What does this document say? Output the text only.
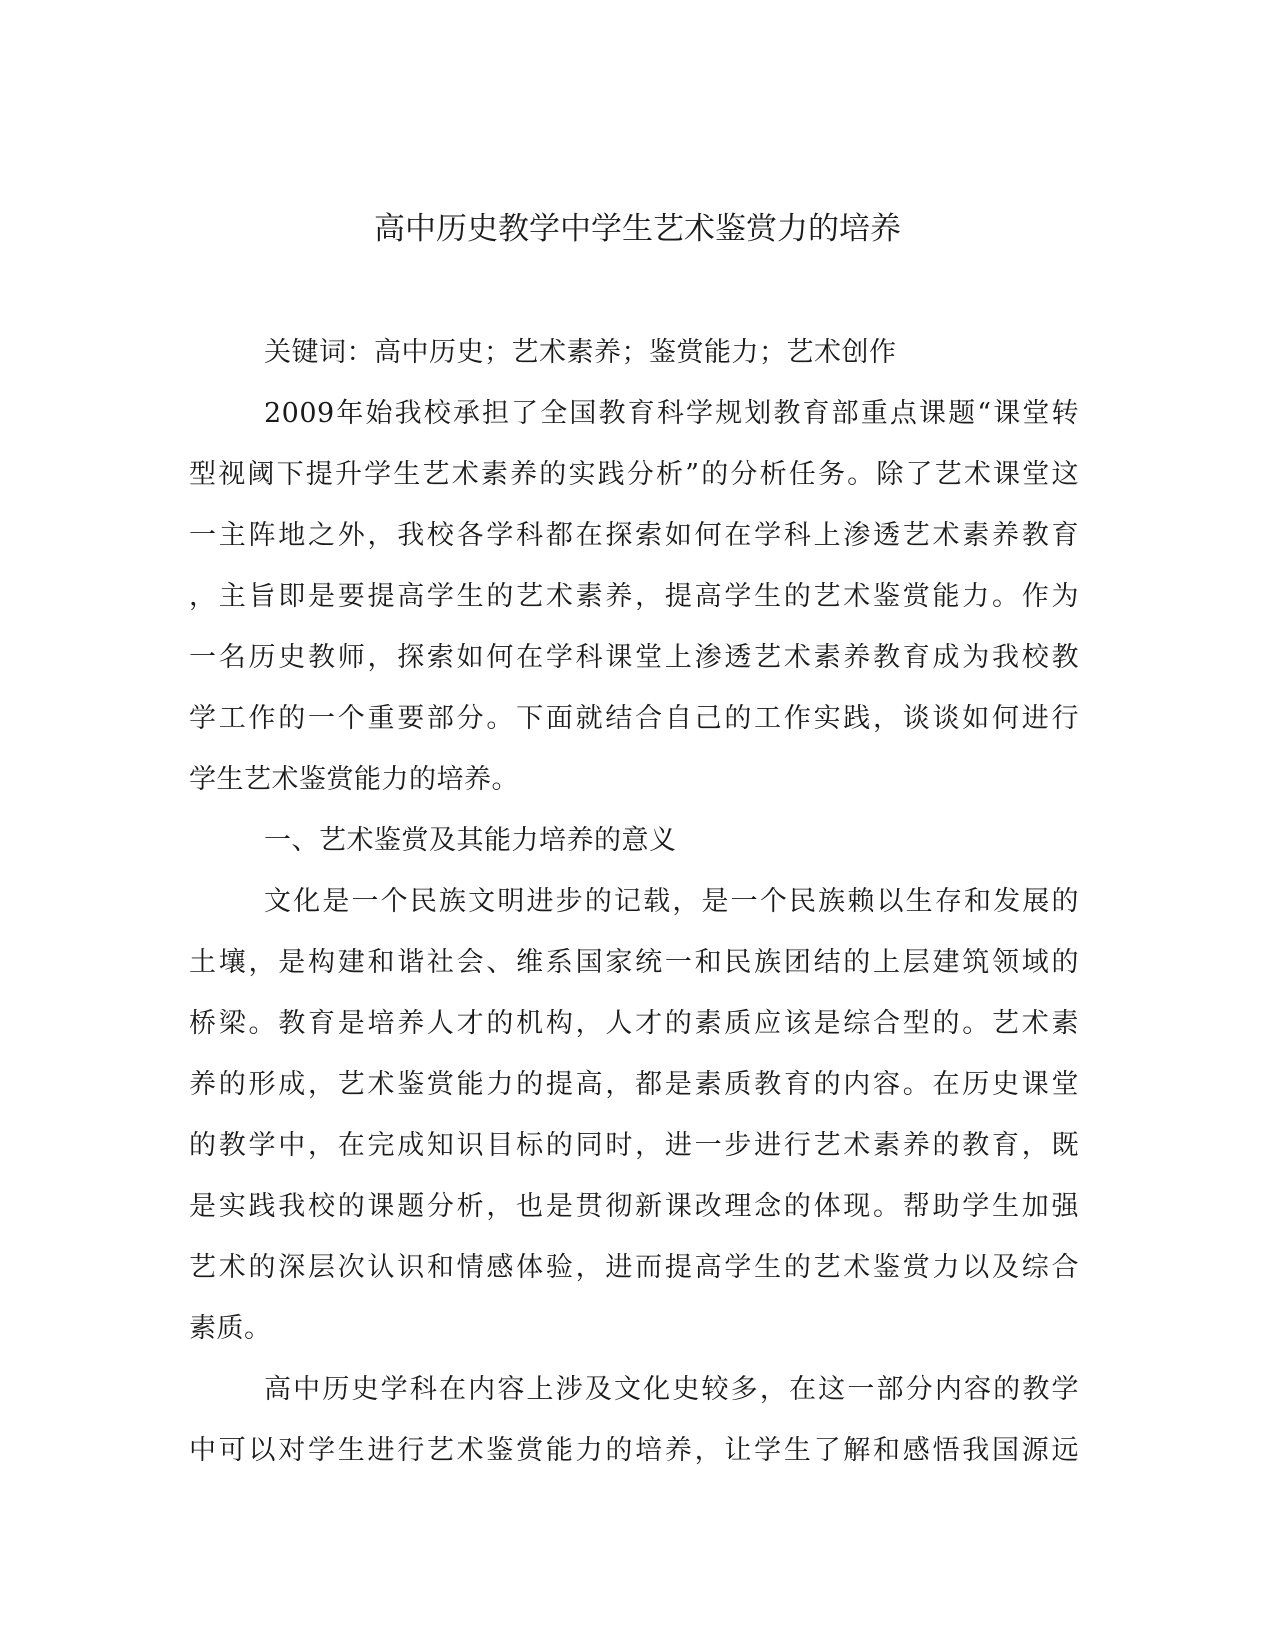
高中历史教学中学生艺术鉴赏力的培养
关键词：高中历史；艺术素养；鉴赏能力；艺术创作
2009年始我校承担了全国教育科学规划教育部重点课题“课堂转
型视阈下提升学生艺术素养的实践分析”的分析任务。除了艺术课堂这
一主阵地之外，我校各学科都在探索如何在学科上渗透艺术素养教育
，主旨即是要提高学生的艺术素养，提高学生的艺术鉴赏能力。作为
一名历史教师，探索如何在学科课堂上渗透艺术素养教育成为我校教
学工作的一个重要部分。下面就结合自己的工作实践，谈谈如何进行
学生艺术鉴赏能力的培养。
一、艺术鉴赏及其能力培养的意义
文化是一个民族文明进步的记载，是一个民族赖以生存和发展的
土壤，是构建和谐社会、维系国家统一和民族团结的上层建筑领域的
桥梁。教育是培养人才的机构，人才的素质应该是综合型的。艺术素
养的形成，艺术鉴赏能力的提高，都是素质教育的内容。在历史课堂
的教学中，在完成知识目标的同时，进一步进行艺术素养的教育，既
是实践我校的课题分析，也是贯彻新课改理念的体现。帮助学生加强
艺术的深层次认识和情感体验，进而提高学生的艺术鉴赏力以及综合
素质。
高中历史学科在内容上涉及文化史较多，在这一部分内容的教学
中可以对学生进行艺术鉴赏能力的培养，让学生了解和感悟我国源远
